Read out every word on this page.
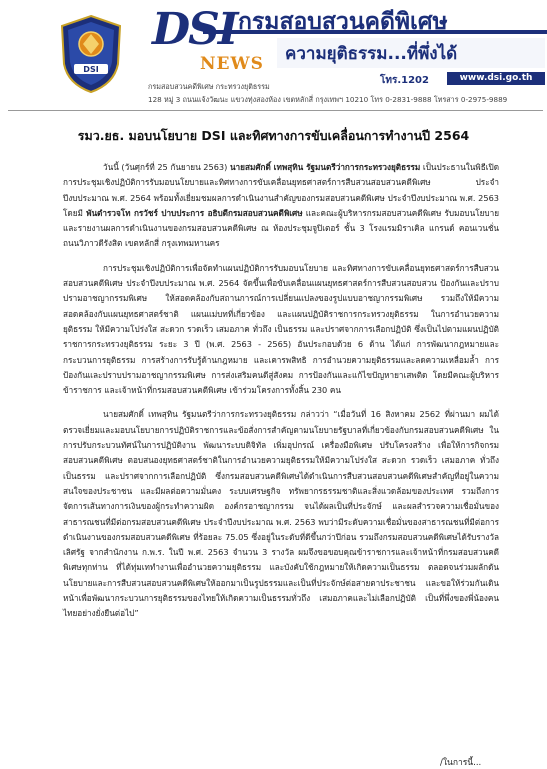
DSI
DSI
NEWS
กรมสอบสวนคดีพิเศษ
ความยุติธรรม...ที่พึ่งได้
โทร.1202	www.dsi.go.th
กรมสอบสวนคดีพิเศษ กระทรวงยุติธรรม
128 หมู่ 3 ถนนแจ้งวัฒนะ แขวงทุ่งสองห้อง เขตหลักสี่ กรุงเทพฯ 10210 โทร 0-2831-9888 โทรสาร 0-2975-9889
รมว.ยธ. มอบนโยบาย DSI และทิศทางการขับเคลื่อนการทำงานปี 2564

วันนี้ (วันศุกร์ที่ 25 กันยายน 2563) นายสมศักดิ์ เทพสุทิน รัฐมนตรีว่าการกระทรวงยุติธรรม เป็นประธานในพิธีเปิดการประชุมเชิงปฏิบัติการรับมอบนโยบายและทิศทางการขับเคลื่อนยุทธศาสตร์การสืบสวนสอบสวนคดีพิเศษ ประจำปีงบประมาณ พ.ศ. 2564 พร้อมทั้งเยี่ยมชมผลการดำเนินงานสำคัญของกรมสอบสวนคดีพิเศษ ประจำปีงบประมาณ พ.ศ. 2563 โดยมี พันตำรวจโท กรวัชร์ ปาบประการ อธิบดีกรมสอบสวนคดีพิเศษ และคณะผู้บริหารกรมสอบสวนคดีพิเศษ รับมอบนโยบาย และรายงานผลการดำเนินงานของกรมสอบสวนคดีพิเศษ ณ ห้องประชุมจูปิเตอร์ ชั้น 3 โรงแรมมิราเคิล แกรนด์ คอนเวนชั่น ถนนวิภาวดีรังสิต เขตหลักสี่ กรุงเทพมหานคร

การประชุมเชิงปฏิบัติการเพื่อจัดทำแผนปฏิบัติการรับมอบนโยบาย และทิศทางการขับเคลื่อนยุทธศาสตร์การสืบสวนสอบสวนคดีพิเศษ ประจำปีงบประมาณ พ.ศ. 2564 จัดขึ้นเพื่อขับเคลื่อนแผนยุทธศาสตร์การสืบสวนสอบสวน ป้องกันและปราบปรามอาชญากรรมพิเศษ ให้สอดคล้องกับสถานการณ์การเปลี่ยนแปลงของรูปแบบอาชญากรรมพิเศษ รวมถึงให้มีความสอดคล้องกับแผนยุทธศาสตร์ชาติ แผนแม่บทที่เกี่ยวข้อง และแผนปฏิบัติราชการกระทรวงยุติธรรม ในการอำนวยความยุติธรรม ให้มีความโปร่งใส สะดวก รวดเร็ว เสมอภาค ทั่วถึง เป็นธรรม และปราศจากการเลือกปฏิบัติ ซึ่งเป็นไปตามแผนปฏิบัติราชการกระทรวงยุติธรรม ระยะ 3 ปี (พ.ศ. 2563 - 2565) อันประกอบด้วย 6 ด้าน ได้แก่ การพัฒนากฎหมายและกระบวนการยุติธรรม การสร้างการรับรู้ด้านกฎหมาย และเคารพสิทธิ การอำนวยความยุติธรรมและลดความเหลื่อมล้ำ การป้องกันและปราบปรามอาชญากรรมพิเศษ การส่งเสริมคนดีสู่สังคม การป้องกันและแก้ไขปัญหายาเสพติด โดยมีคณะผู้บริหาร ข้าราชการ และเจ้าหน้าที่กรมสอบสวนคดีพิเศษ เข้าร่วมโครงการทั้งสิ้น 230 คน

นายสมศักดิ์ เทพสุทิน รัฐมนตรีว่าการกระทรวงยุติธรรม กล่าวว่า “เมื่อวันที่ 16 สิงหาคม 2562 ที่ผ่านมา ผมได้ตรวจเยี่ยมและมอบนโยบายการปฏิบัติราชการและข้อสั่งการสำคัญตามนโยบายรัฐบาลที่เกี่ยวข้องกับกรมสอบสวนคดีพิเศษ ในการปรับกระบวนทัศน์ในการปฏิบัติงาน พัฒนาระบบดิจิทัล เพิ่มอุปกรณ์ เครื่องมือพิเศษ ปรับโครงสร้าง เพื่อให้การกิจกรมสอบสวนคดีพิเศษ ตอบสนองยุทธศาสตร์ชาติในการอำนวยความยุติธรรมให้มีความโปร่งใส สะดวก รวดเร็ว เสมอภาค ทั่วถึง เป็นธรรม และปราศจากการเลือกปฏิบัติ ซึ่งกรมสอบสวนคดีพิเศษได้ดำเนินการสืบสวนสอบสวนคดีพิเศษสำคัญที่อยู่ในความสนใจของประชาชน และมีผลต่อความมั่นคง ระบบเศรษฐกิจ ทรัพยากรธรรมชาติและสิ่งแวดล้อมของประเทศ รวมถึงการจัดการเส้นทางการเงินของผู้กระทำความผิด องค์กรอาชญากรรม จนได้ผลเป็นที่ประจักษ์ และผลสำรวจความเชื่อมั่นของสาธารณชนที่มีต่อกรมสอบสวนคดีพิเศษ ประจำปีงบประมาณ พ.ศ. 2563 พบว่ามีระดับความเชื่อมั่นของสาธารณชนที่มีต่อการดำเนินงานของกรมสอบสวนคดีพิเศษ ที่ร้อยละ 75.05 ซึ่งอยู่ในระดับที่ดีขึ้นกว่าปีก่อน รวมถึงกรมสอบสวนคดีพิเศษได้รับรางวัลเลิศรัฐ จากสำนักงาน ก.พ.ร. ในปี พ.ศ. 2563 จำนวน 3 รางวัล ผมจึงขอขอบคุณข้าราชการและเจ้าหน้าที่กรมสอบสวนคดีพิเศษทุกท่าน ที่ได้ทุ่มเททำงานเพื่ออำนวยความยุติธรรม และบังคับใช้กฎหมายให้เกิดความเป็นธรรม ตลอดจนร่วมผลักดันนโยบายและการสืบสวนสอบสวนคดีพิเศษให้ออกมาเป็นรูปธรรมและเป็นที่ประจักษ์ต่อสายตาประชาชน และขอให้ร่วมกันเดินหน้าเพื่อพัฒนากระบวนการยุติธรรมของไทยให้เกิดความเป็นธรรมทั่วถึง เสมอภาคและไม่เลือกปฏิบัติ เป็นที่พึ่งของพี่น้องคนไทยอย่างยั่งยืนต่อไป”

/ในการนี้...
